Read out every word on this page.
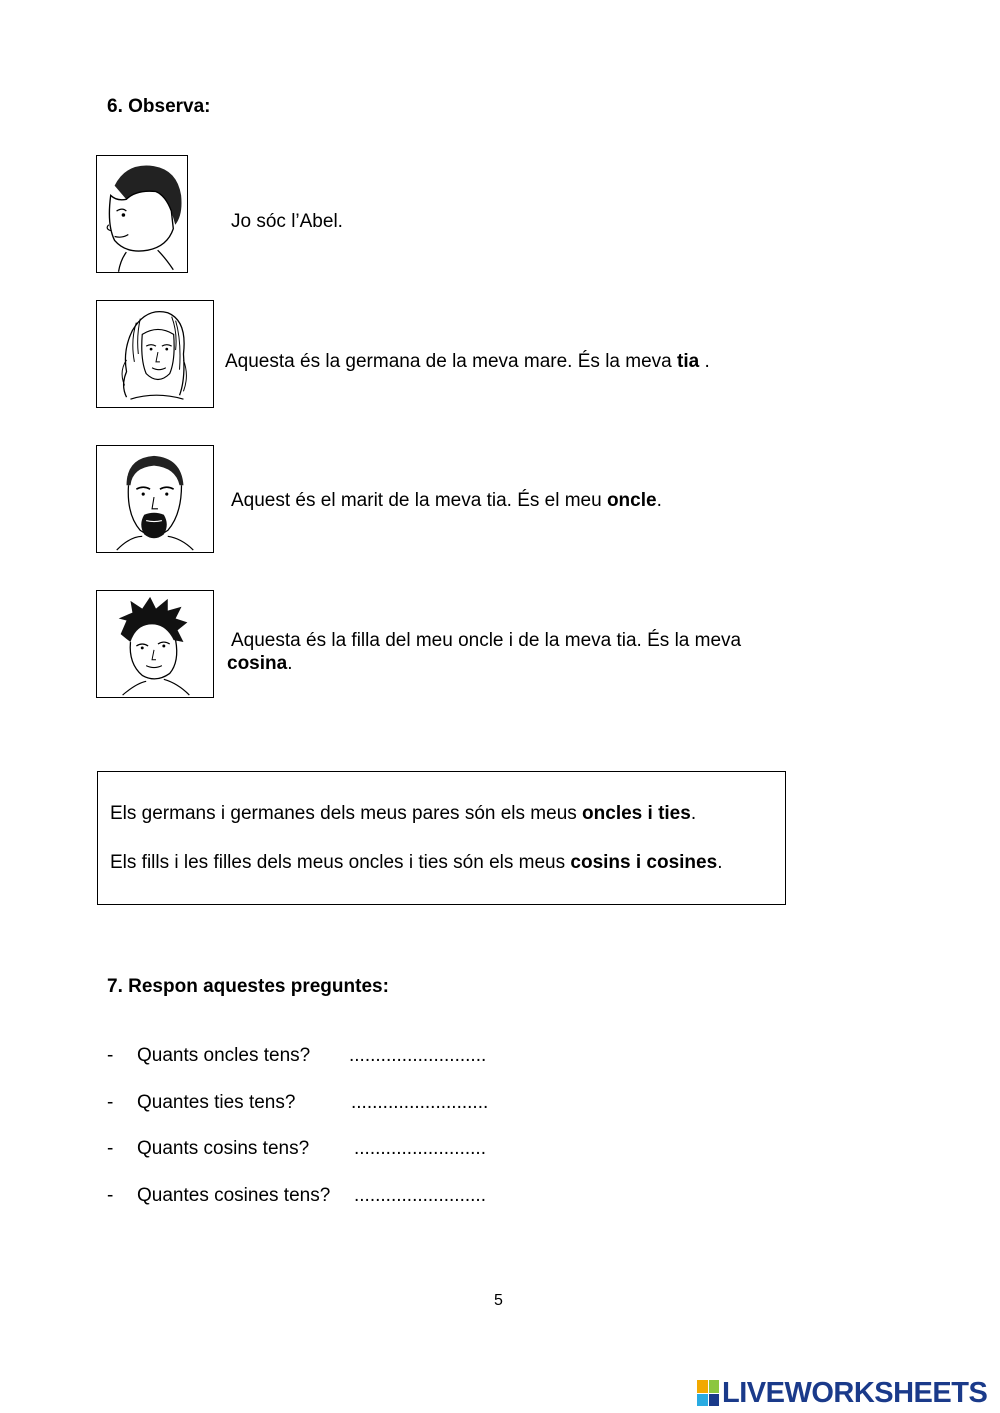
6. Observa:
Jo sóc l’Abel.
Aquesta és la germana de la meva mare. És la meva tia .
Aquest és el marit de la meva tia. És el meu oncle.
Aquesta és la filla del meu oncle i de la meva tia. És la meva
cosina.

Els germans i germanes dels meus pares són els meus oncles i ties.

Els fills i les filles dels meus oncles i ties són els meus cosins i cosines.

7. Respon aquestes preguntes:
- Quants oncles tens? ..........................
- Quantes ties tens?	..........................
- Quants cosins tens? .........................
- Quantes cosines tens? .........................
5
LIVEWORKSHEETS
